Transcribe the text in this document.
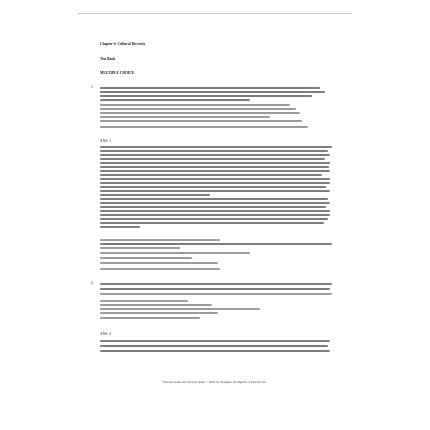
Chapter 6: Cultural Diversity
Test Bank
MULTIPLE CHOICE
1.
ANS: 1
2.
ANS: 2
Elsevier items and derived items © 2018 by Saunders, an imprint of Elsevier Inc.
